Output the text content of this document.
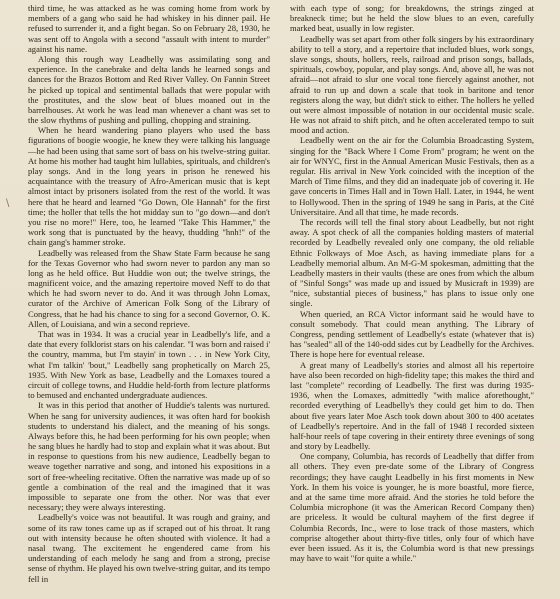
\

third time, he was attacked as he was coming home from work by members of a gang who said he had whiskey in his dinner pail. He refused to surrender it, and a fight began. So on February 28, 1930, he was sent off to Angola with a second "assault with intent to murder" against his name.

Along this rough way Leadbelly was assimilating song and experience. In the canebrake and delta lands he learned songs and dances for the Brazos Bottom and Red River Valley. On Fannin Street he picked up topical and sentimental ballads that were popular with the prostitutes, and the slow beat of blues moaned out in the barrelhouses. At work he was lead man whenever a chant was set to the slow rhythms of pushing and pulling, chopping and straining.

When he heard wandering piano players who used the bass figurations of boogie woogie, he knew they were talking his language—he had been using that same sort of bass on his twelve-string guitar. At home his mother had taught him lullabies, spirituals, and children's play songs. And in the long years in prison he renewed his acquaintance with the treasury of Afro-American music that is kept almost intact by prisoners isolated from the rest of the world. It was here that he heard and learned "Go Down, Ole Hannah" for the first time; the holler that tells the hot midday sun to "go down—and don't you rise no more!" Here, too, he learned "Take This Hammer," the work song that is punctuated by the heavy, thudding "hnh!" of the chain gang's hammer stroke.

Leadbelly was released from the Shaw State Farm because he sang for the Texas Governor who had sworn never to pardon any man so long as he held office. But Huddie won out; the twelve strings, the magnificent voice, and the amazing repertoire moved Neff to do that which he had sworn never to do. And it was through John Lomax, curator of the Archive of American Folk Song of the Library of Congress, that he had his chance to sing for a second Governor, O. K. Allen, of Louisiana, and win a second reprieve.

That was in 1934. It was a crucial year in Leadbelly's life, and a date that every folklorist stars on his calendar. "I was born and raised i' the country, mamma, but I'm stayin' in town . . . in New York City, what I'm talkin' 'bout," Leadbelly sang prophetically on March 25, 1935. With New York as base, Leadbelly and the Lomaxes toured a circuit of college towns, and Huddie held-forth from lecture platforms to bemused and enchanted undergraduate audiences.

It was in this period that another of Huddie's talents was nurtured. When he sang for university audiences, it was often hard for bookish students to understand his dialect, and the meaning of his songs. Always before this, he had been performing for his own people; when he sang blues he hardly had to stop and explain what it was about. But in response to questions from his new audience, Leadbelly began to weave together narrative and song, and intoned his expositions in a sort of free-wheeling recitative. Often the narrative was made up of so gentle a combination of the real and the imagined that it was impossible to separate one from the other. Nor was that ever necessary; they were always interesting.

Leadbelly's voice was not beautiful. It was rough and grainy, and some of its raw tones came up as if scraped out of his throat. It rang out with intensity because he often shouted with violence. It had a nasal twang. The excitement he engendered came from his understanding of each melody he sang and from a strong, precise sense of rhythm. He played his own twelve-string guitar, and its tempo fell in

with each type of song; for breakdowns, the strings zinged at breakneck time; but he held the slow blues to an even, carefully marked beat, usually in low register.

Leadbelly was set apart from other folk singers by his extraordinary ability to tell a story, and a repertoire that included blues, work songs, slave songs, shouts, hollers, reels, railroad and prison songs, ballads, spirituals, cowboy, popular, and play songs. And, above all, he was not afraid—not afraid to slur one vocal tone fiercely against another, not afraid to run up and down a scale that took in baritone and tenor registers along the way, but didn't stick to either. The hollers he yelled out were almost impossible of notation in our occidental music scale. He was not afraid to shift pitch, and he often accelerated tempo to suit mood and action.

Leadbelly went on the air for the Columbia Broadcasting System, singing for the "Back Where I Come From" program; he went on the air for WNYC, first in the Annual American Music Festivals, then as a regular. His arrival in New York coincided with the inception of the March of Time films, and they did an inadequate job of covering it. He gave concerts in Times Hall and in Town Hall. Later, in 1944, he went to Hollywood. Then in the spring of 1949 he sang in Paris, at the Cité Universitaire. And all that time, he made records.

The records will tell the final story about Leadbelly, but not right away. A spot check of all the companies holding masters of material recorded by Leadbelly revealed only one company, the old reliable Ethnic Folkways of Moe Asch, as having immediate plans for a Leadbelly memorial album. An M-G-M spokesman, admitting that the Leadbelly masters in their vaults (these are ones from which the album of "Sinful Songs" was made up and issued by Musicraft in 1939) are "nice, substantial pieces of business," has plans to issue only one single.

When queried, an RCA Victor informant said he would have to consult somebody. That could mean anything. The Library of Congress, pending settlement of Leadbelly's estate (whatever that is) has "sealed" all of the 140-odd sides cut by Leadbelly for the Archives. There is hope here for eventual release.

A great many of Leadbelly's stories and almost all his repertoire have also been recorded on high-fidelity tape; this makes the third and last "complete" recording of Leadbelly. The first was during 1935-1936, when the Lomaxes, admittedly "with malice aforethought," recorded everything of Leadbelly's they could get him to do. Then about five years later Moe Asch took down about 300 to 400 acetates of Leadbelly's repertoire. And in the fall of 1948 I recorded sixteen half-hour reels of tape covering in their entirety three evenings of song and story by Leadbelly.

One company, Columbia, has records of Leadbelly that differ from all others. They even pre-date some of the Library of Congress recordings; they have caught Leadbelly in his first moments in New York. In them his voice is younger, he is more boastful, more fierce, and at the same time more afraid. And the stories he told before the Columbia microphone (it was the American Record Company then) are priceless. It would be cultural mayhem of the first degree if Columbia Records, Inc., were to lose track of those masters, which comprise altogether about thirty-five titles, only four of which have ever been issued. As it is, the Columbia word is that new pressings may have to wait "for quite a while."
